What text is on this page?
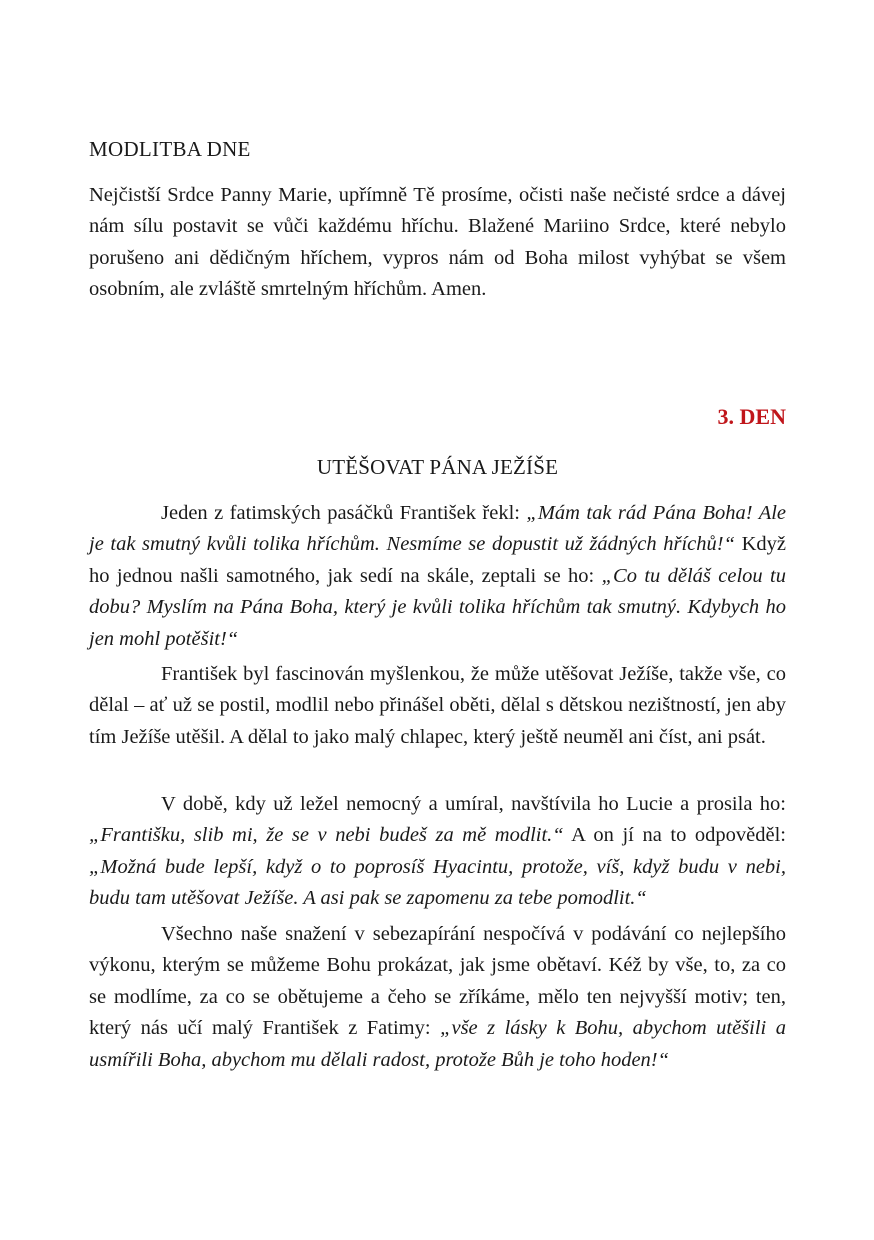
MODLITBA DNE

Nejčistší Srdce Panny Marie, upřímně Tě prosíme, očisti naše nečisté srdce a dávej nám sílu postavit se vůči každému hříchu. Blažené Mariino Srdce, které nebylo porušeno ani dědičným hříchem, vypros nám od Boha milost vyhýbat se všem osobním, ale zvláště smrtelným hříchům. Amen.

3. DEN
UTĚŠOVAT PÁNA JEŽÍŠE

Jeden z fatimských pasáčků František řekl: „Mám tak rád Pána Boha! Ale je tak smutný kvůli tolika hříchům. Nesmíme se dopustit už žádných hříchů!“ Když ho jednou našli samotného, jak sedí na skále, zeptali se ho: „Co tu děláš celou tu dobu? Myslím na Pána Boha, který je kvůli tolika hříchům tak smutný. Kdybych ho jen mohl potěšit!“

František byl fascinován myšlenkou, že může utěšovat Ježíše, takže vše, co dělal – ať už se postil, modlil nebo přinášel oběti, dělal s dětskou nezištností, jen aby tím Ježíše utěšil. A dělal to jako malý chlapec, který ještě neuměl ani číst, ani psát.

V době, kdy už ležel nemocný a umíral, navštívila ho Lucie a prosila ho: „Františku, slib mi, že se v nebi budeš za mě modlit.“ A on jí na to odpověděl: „Možná bude lepší, když o to poprosíš Hyacintu, protože, víš, když budu v nebi, budu tam utěšovat Ježíše. A asi pak se zapomenu za tebe pomodlit.“

Všechno naše snažení v sebezapírání nespočívá v podávání co nejlepšího výkonu, kterým se můžeme Bohu prokázat, jak jsme obětaví. Kéž by vše, to, za co se modlíme, za co se obětujeme a čeho se zříkáme, mělo ten nejvyšší motiv; ten, který nás učí malý František z Fatimy: „vše z lásky k Bohu, abychom utěšili a usmířili Boha, abychom mu dělali radost, protože Bůh je toho hoden!“
